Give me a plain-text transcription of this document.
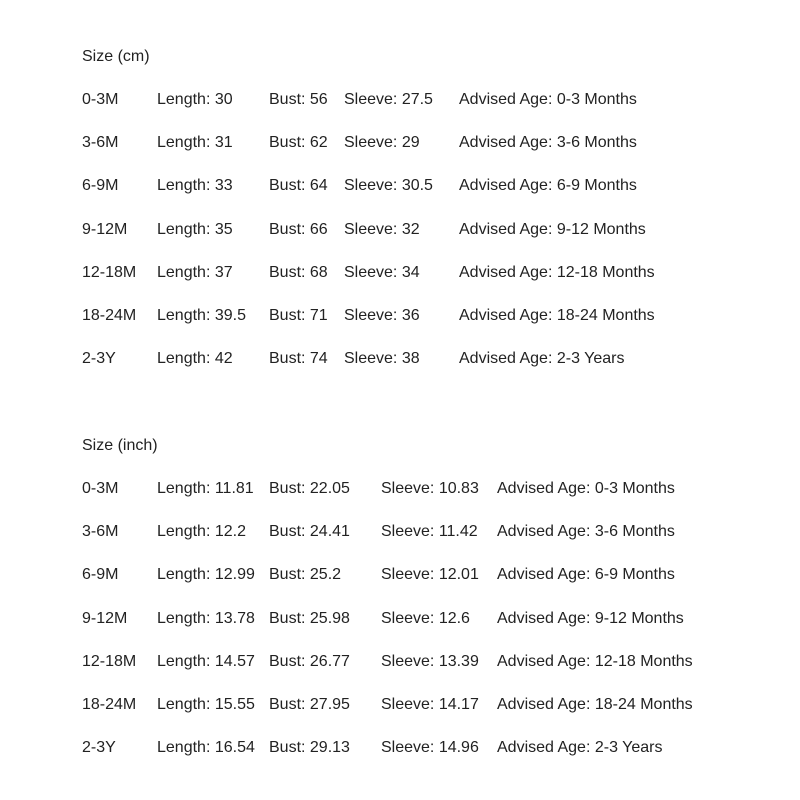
Size (cm)
0-3M Length: 30 Bust: 56 Sleeve: 27.5 Advised Age: 0-3 Months
3-6M Length: 31 Bust: 62 Sleeve: 29 Advised Age: 3-6 Months
6-9M Length: 33 Bust: 64 Sleeve: 30.5 Advised Age: 6-9 Months
9-12M Length: 35 Bust: 66 Sleeve: 32 Advised Age: 9-12 Months
12-18M Length: 37 Bust: 68 Sleeve: 34 Advised Age: 12-18 Months
18-24M Length: 39.5 Bust: 71 Sleeve: 36 Advised Age: 18-24 Months
2-3Y	Length: 42 Bust: 74 Sleeve: 38 Advised Age: 2-3 Years
Size (inch)
0-3M Length: 11.81 Bust: 22.05 Sleeve: 10.83 Advised Age: 0-3 Months
3-6M Length: 12.2 Bust: 24.41 Sleeve: 11.42 Advised Age: 3-6 Months
6-9M Length: 12.99 Bust: 25.2 Sleeve: 12.01 Advised Age: 6-9 Months
9-12M Length: 13.78 Bust: 25.98 Sleeve: 12.6 Advised Age: 9-12 Months
12-18M Length: 14.57 Bust: 26.77 Sleeve: 13.39 Advised Age: 12-18 Months
18-24M Length: 15.55 Bust: 27.95 Sleeve: 14.17 Advised Age: 18-24 Months
2-3Y	Length: 16.54 Bust: 29.13 Sleeve: 14.96 Advised Age: 2-3 Years
